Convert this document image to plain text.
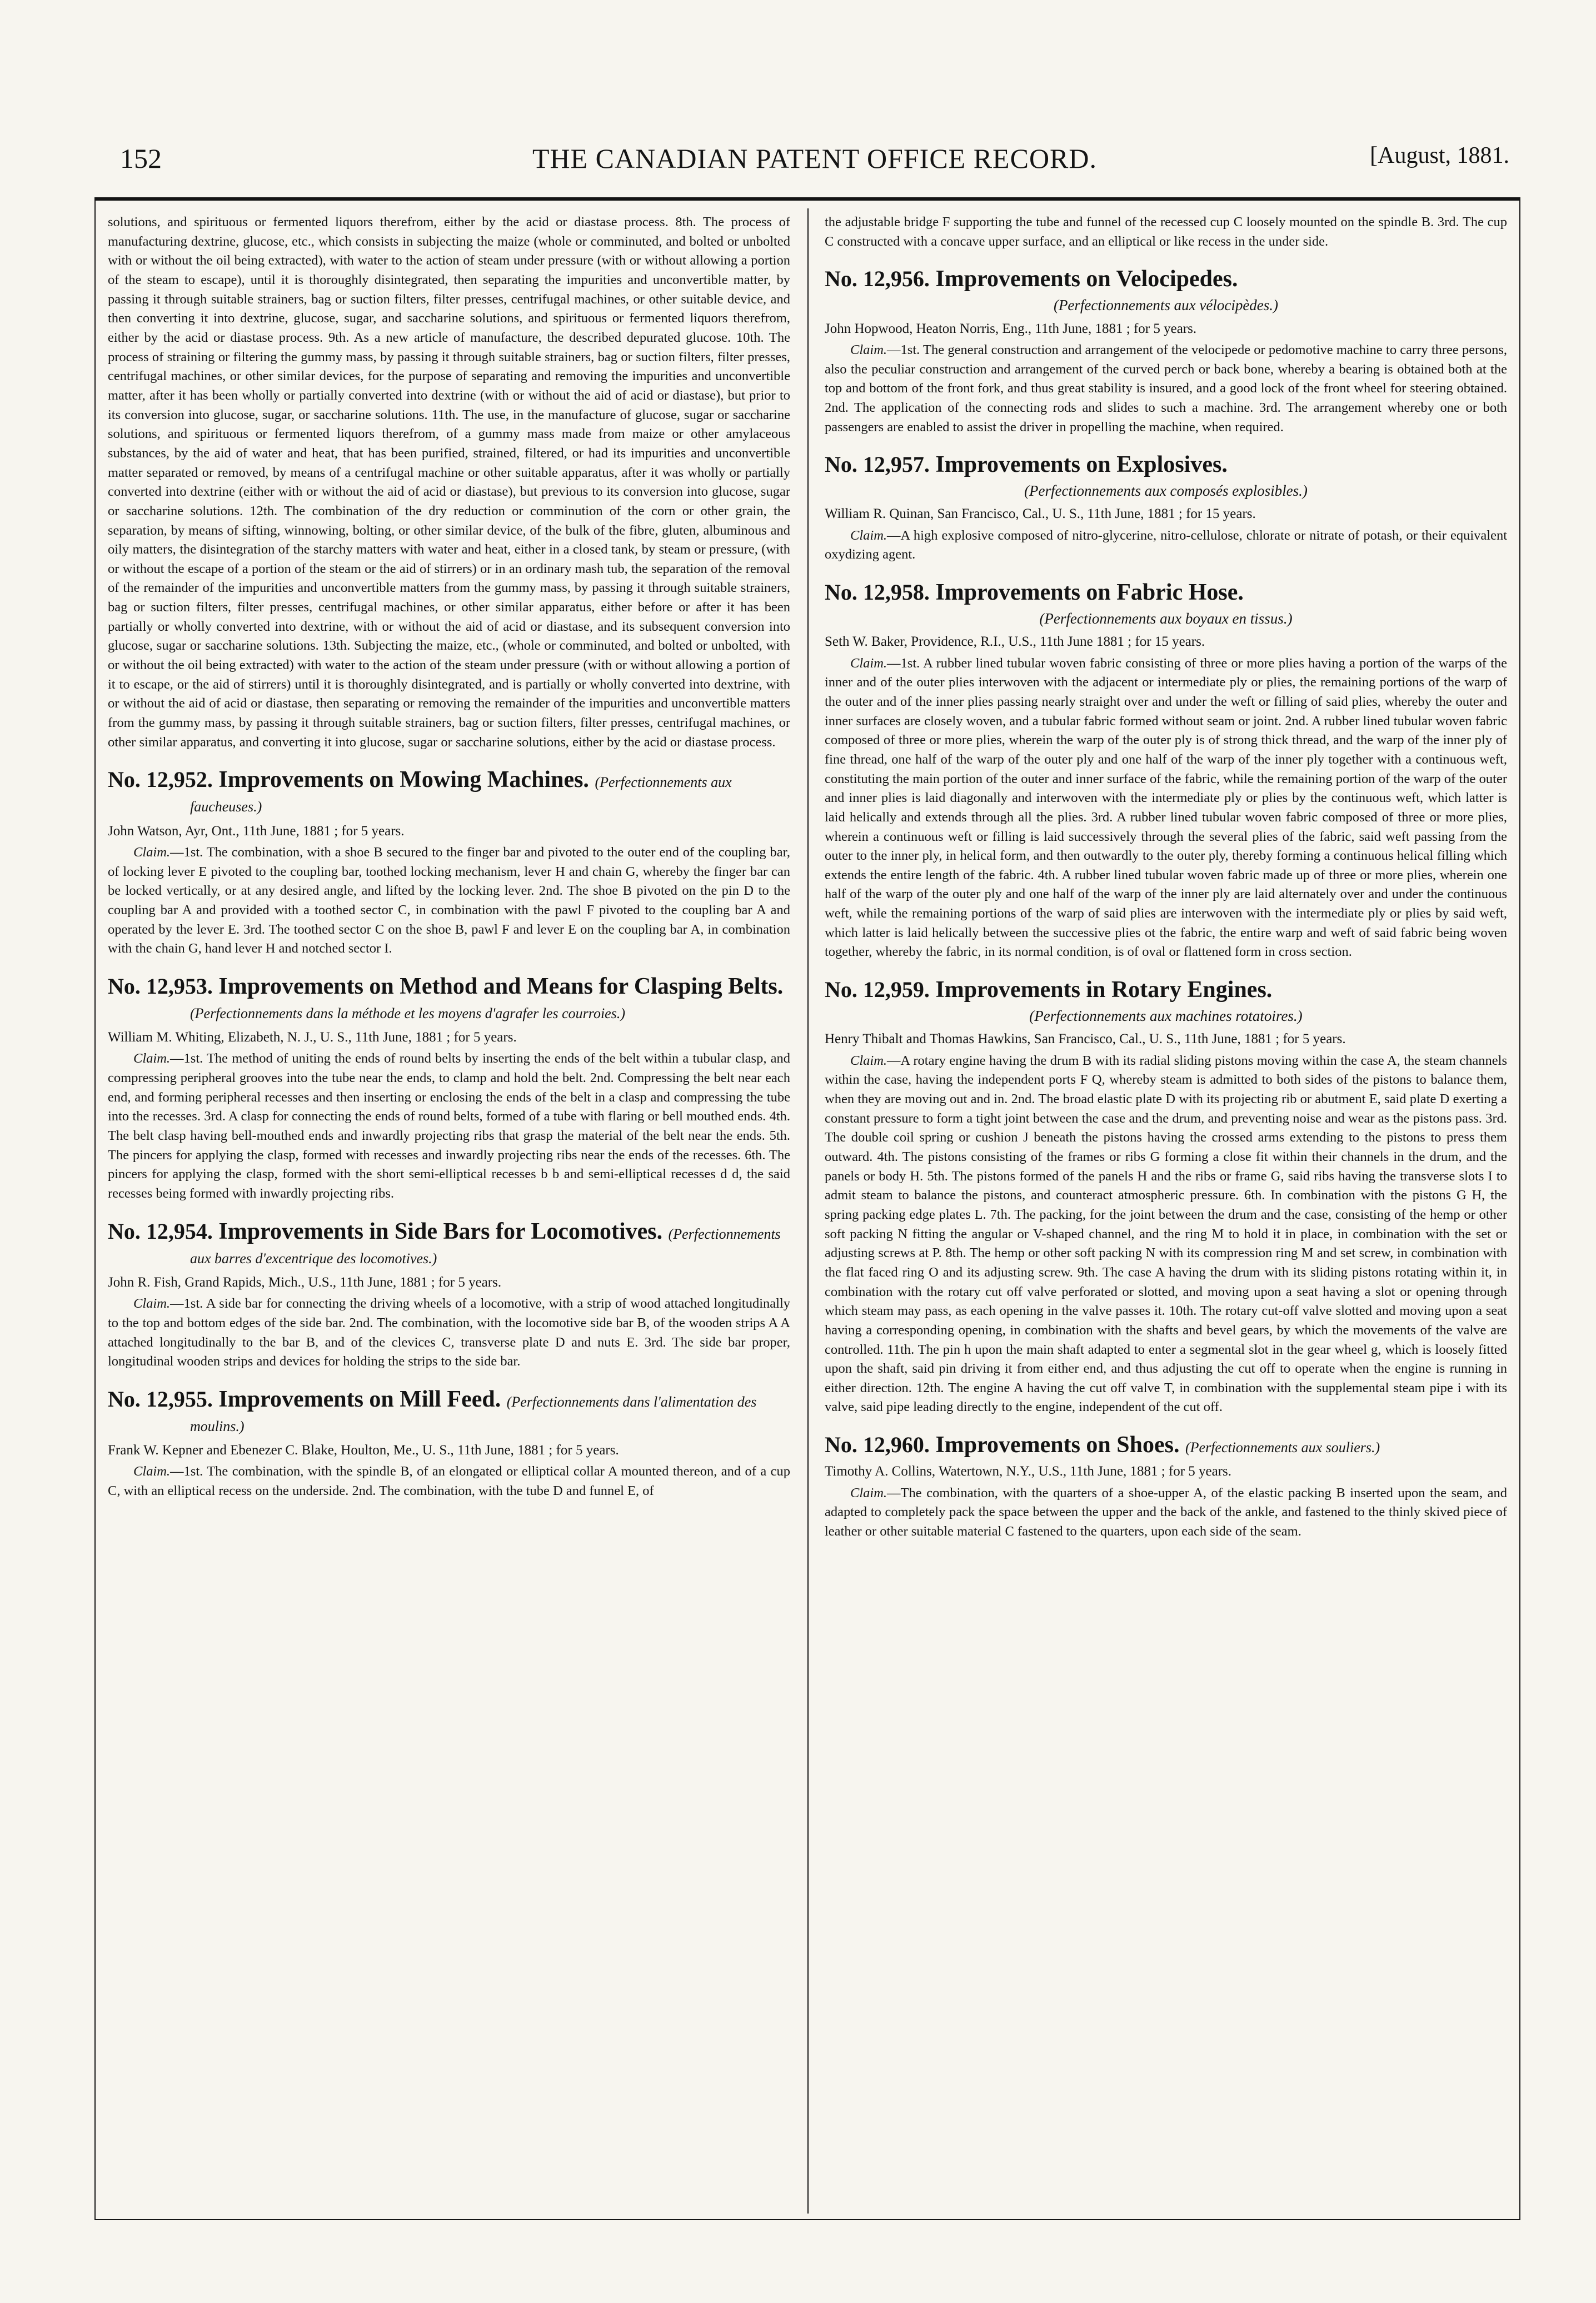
152	THE CANADIAN PATENT OFFICE RECORD.	[August, 1881.

solutions, and spirituous or fermented liquors therefrom, either by the acid or diastase process. 8th. The process of manufacturing dextrine, glucose, etc., which consists in subjecting the maize (whole or comminuted, and bolted or unbolted with or without the oil being extracted), with water to the action of steam under pressure (with or without allowing a portion of the steam to escape), until it is thoroughly disintegrated, then separating the impurities and unconvertible matter, by passing it through suitable strainers, bag or suction filters, filter presses, centrifugal machines, or other suitable device, and then converting it into dextrine, glucose, sugar, and saccharine solutions, and spirituous or fermented liquors therefrom, either by the acid or diastase process. 9th. As a new article of manufacture, the described depurated glucose. 10th. The process of straining or filtering the gummy mass, by passing it through suitable strainers, bag or suction filters, filter presses, centrifugal machines, or other similar devices, for the purpose of separating and removing the impurities and unconvertible matter, after it has been wholly or partially converted into dextrine (with or without the aid of acid or diastase), but prior to its conversion into glucose, sugar, or saccharine solutions. 11th. The use, in the manufacture of glucose, sugar or saccharine solutions, and spirituous or fermented liquors therefrom, of a gummy mass made from maize or other amylaceous substances, by the aid of water and heat, that has been purified, strained, filtered, or had its impurities and unconvertible matter separated or removed, by means of a centrifugal machine or other suitable apparatus, after it was wholly or partially converted into dextrine (either with or without the aid of acid or diastase), but previous to its conversion into glucose, sugar or saccharine solutions. 12th. The combination of the dry reduction or comminution of the corn or other grain, the separation, by means of sifting, winnowing, bolting, or other similar device, of the bulk of the fibre, gluten, albuminous and oily matters, the disintegration of the starchy matters with water and heat, either in a closed tank, by steam or pressure, (with or without the escape of a portion of the steam or the aid of stirrers) or in an ordinary mash tub, the separation of the removal of the remainder of the impurities and unconvertible matters from the gummy mass, by passing it through suitable strainers, bag or suction filters, filter presses, centrifugal machines, or other similar apparatus, either before or after it has been partially or wholly converted into dextrine, with or without the aid of acid or diastase, and its subsequent conversion into glucose, sugar or saccharine solutions. 13th. Subjecting the maize, etc., (whole or comminuted, and bolted or unbolted, with or without the oil being extracted) with water to the action of the steam under pressure (with or without allowing a portion of it to escape, or the aid of stirrers) until it is thoroughly disintegrated, and is partially or wholly converted into dextrine, with or without the aid of acid or diastase, then separating or removing the remainder of the impurities and unconvertible matters from the gummy mass, by passing it through suitable strainers, bag or suction filters, filter presses, centrifugal machines, or other similar apparatus, and converting it into glucose, sugar or saccharine solutions, either by the acid or diastase process.

No. 12,952. Improvements on Mowing Machines. (Perfectionnements aux faucheuses.)

John Watson, Ayr, Ont., 11th June, 1881 ; for 5 years.

Claim.—1st. The combination, with a shoe B secured to the finger bar and pivoted to the outer end of the coupling bar, of locking lever E pivoted to the coupling bar, toothed locking mechanism, lever H and chain G, whereby the finger bar can be locked vertically, or at any desired angle, and lifted by the locking lever. 2nd. The shoe B pivoted on the pin D to the coupling bar A and provided with a toothed sector C, in combination with the pawl F pivoted to the coupling bar A and operated by the lever E. 3rd. The toothed sector C on the shoe B, pawl F and lever E on the coupling bar A, in combination with the chain G, hand lever H and notched sector I.

No. 12,953. Improvements on Method and Means for Clasping Belts. (Perfectionnements dans la méthode et les moyens d'agrafer les courroies.)

William M. Whiting, Elizabeth, N. J., U. S., 11th June, 1881 ; for 5 years.

Claim.—1st. The method of uniting the ends of round belts by inserting the ends of the belt within a tubular clasp, and compressing peripheral grooves into the tube near the ends, to clamp and hold the belt. 2nd. Compressing the belt near each end, and forming peripheral recesses and then inserting or enclosing the ends of the belt in a clasp and compressing the tube into the recesses. 3rd. A clasp for connecting the ends of round belts, formed of a tube with flaring or bell mouthed ends. 4th. The belt clasp having bell-mouthed ends and inwardly projecting ribs that grasp the material of the belt near the ends. 5th. The pincers for applying the clasp, formed with recesses and inwardly projecting ribs near the ends of the recesses. 6th. The pincers for applying the clasp, formed with the short semi-elliptical recesses b b and semi-elliptical recesses d d, the said recesses being formed with inwardly projecting ribs.

No. 12,954. Improvements in Side Bars for Locomotives. (Perfectionnements aux barres d'excentrique des locomotives.)

John R. Fish, Grand Rapids, Mich., U.S., 11th June, 1881 ; for 5 years.

Claim.—1st. A side bar for connecting the driving wheels of a locomotive, with a strip of wood attached longitudinally to the top and bottom edges of the side bar. 2nd. The combination, with the locomotive side bar B, of the wooden strips A A attached longitudinally to the bar B, and of the clevices C, transverse plate D and nuts E. 3rd. The side bar proper, longitudinal wooden strips and devices for holding the strips to the side bar.

No. 12,955. Improvements on Mill Feed. (Perfectionnements dans l'alimentation des moulins.)

Frank W. Kepner and Ebenezer C. Blake, Houlton, Me., U. S., 11th June, 1881 ; for 5 years.

Claim.—1st. The combination, with the spindle B, of an elongated or elliptical collar A mounted thereon, and of a cup C, with an elliptical recess on the underside. 2nd. The combination, with the tube D and funnel E, of

the adjustable bridge F supporting the tube and funnel of the recessed cup C loosely mounted on the spindle B. 3rd. The cup C constructed with a concave upper surface, and an elliptical or like recess in the under side.

No. 12,956. Improvements on Velocipedes.

(Perfectionnements aux vélocipèdes.)

John Hopwood, Heaton Norris, Eng., 11th June, 1881 ; for 5 years.

Claim.—1st. The general construction and arrangement of the velocipede or pedomotive machine to carry three persons, also the peculiar construction and arrangement of the curved perch or back bone, whereby a bearing is obtained both at the top and bottom of the front fork, and thus great stability is insured, and a good lock of the front wheel for steering obtained. 2nd. The application of the connecting rods and slides to such a machine. 3rd. The arrangement whereby one or both passengers are enabled to assist the driver in propelling the machine, when required.

No. 12,957. Improvements on Explosives.

(Perfectionnements aux composés explosibles.)

William R. Quinan, San Francisco, Cal., U. S., 11th June, 1881 ; for 15 years.

Claim.—A high explosive composed of nitro-glycerine, nitro-cellulose, chlorate or nitrate of potash, or their equivalent oxydizing agent.

No. 12,958. Improvements on Fabric Hose.

(Perfectionnements aux boyaux en tissus.)

Seth W. Baker, Providence, R.I., U.S., 11th June 1881 ; for 15 years.

Claim.—1st. A rubber lined tubular woven fabric consisting of three or more plies having a portion of the warps of the inner and of the outer plies interwoven with the adjacent or intermediate ply or plies, the remaining portions of the warp of the outer and of the inner plies passing nearly straight over and under the weft or filling of said plies, whereby the outer and inner surfaces are closely woven, and a tubular fabric formed without seam or joint. 2nd. A rubber lined tubular woven fabric composed of three or more plies, wherein the warp of the outer ply is of strong thick thread, and the warp of the inner ply of fine thread, one half of the warp of the outer ply and one half of the warp of the inner ply together with a continuous weft, constituting the main portion of the outer and inner surface of the fabric, while the remaining portion of the warp of the outer and inner plies is laid diagonally and interwoven with the intermediate ply or plies by the continuous weft, which latter is laid helically and extends through all the plies. 3rd. A rubber lined tubular woven fabric composed of three or more plies, wherein a continuous weft or filling is laid successively through the several plies of the fabric, said weft passing from the outer to the inner ply, in helical form, and then outwardly to the outer ply, thereby forming a continuous helical filling which extends the entire length of the fabric. 4th. A rubber lined tubular woven fabric made up of three or more plies, wherein one half of the warp of the outer ply and one half of the warp of the inner ply are laid alternately over and under the continuous weft, while the remaining portions of the warp of said plies are interwoven with the intermediate ply or plies by said weft, which latter is laid helically between the successive plies ot the fabric, the entire warp and weft of said fabric being woven together, whereby the fabric, in its normal condition, is of oval or flattened form in cross section.

No. 12,959. Improvements in Rotary Engines.

(Perfectionnements aux machines rotatoires.)

Henry Thibalt and Thomas Hawkins, San Francisco, Cal., U. S., 11th June, 1881 ; for 5 years.

Claim.—A rotary engine having the drum B with its radial sliding pistons moving within the case A, the steam channels within the case, having the independent ports F Q, whereby steam is admitted to both sides of the pistons to balance them, when they are moving out and in. 2nd. The broad elastic plate D with its projecting rib or abutment E, said plate D exerting a constant pressure to form a tight joint between the case and the drum, and preventing noise and wear as the pistons pass. 3rd. The double coil spring or cushion J beneath the pistons having the crossed arms extending to the pistons to press them outward. 4th. The pistons consisting of the frames or ribs G forming a close fit within their channels in the drum, and the panels or body H. 5th. The pistons formed of the panels H and the ribs or frame G, said ribs having the transverse slots I to admit steam to balance the pistons, and counteract atmospheric pressure. 6th. In combination with the pistons G H, the spring packing edge plates L. 7th. The packing, for the joint between the drum and the case, consisting of the hemp or other soft packing N fitting the angular or V-shaped channel, and the ring M to hold it in place, in combination with the set or adjusting screws at P. 8th. The hemp or other soft packing N with its compression ring M and set screw, in combination with the flat faced ring O and its adjusting screw. 9th. The case A having the drum with its sliding pistons rotating within it, in combination with the rotary cut off valve perforated or slotted, and moving upon a seat having a slot or opening through which steam may pass, as each opening in the valve passes it. 10th. The rotary cut-off valve slotted and moving upon a seat having a corresponding opening, in combination with the shafts and bevel gears, by which the movements of the valve are controlled. 11th. The pin h upon the main shaft adapted to enter a segmental slot in the gear wheel g, which is loosely fitted upon the shaft, said pin driving it from either end, and thus adjusting the cut off to operate when the engine is running in either direction. 12th. The engine A having the cut off valve T, in combination with the supplemental steam pipe i with its valve, said pipe leading directly to the engine, independent of the cut off.

No. 12,960. Improvements on Shoes. (Perfectionnements aux souliers.)

Timothy A. Collins, Watertown, N.Y., U.S., 11th June, 1881 ; for 5 years.

Claim.—The combination, with the quarters of a shoe-upper A, of the elastic packing B inserted upon the seam, and adapted to completely pack the space between the upper and the back of the ankle, and fastened to the thinly skived piece of leather or other suitable material C fastened to the quarters, upon each side of the seam.
